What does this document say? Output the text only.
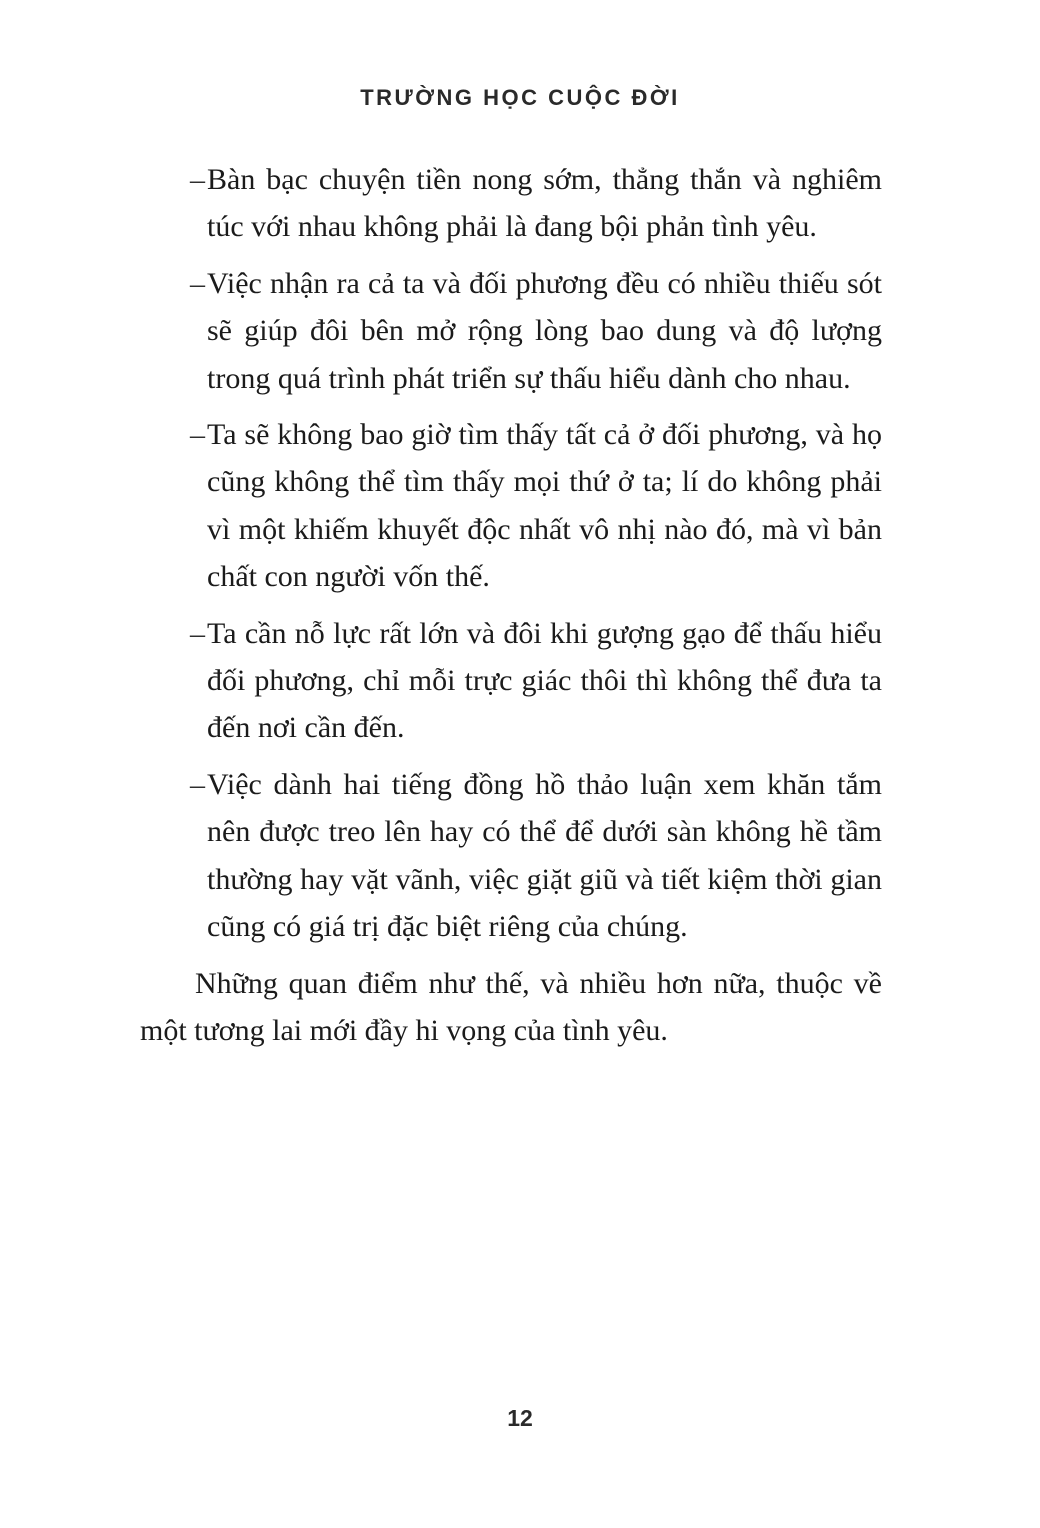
TRƯỜNG HỌC CUỘC ĐỜI
– Bàn bạc chuyện tiền nong sớm, thẳng thắn và nghiêm túc với nhau không phải là đang bội phản tình yêu.
– Việc nhận ra cả ta và đối phương đều có nhiều thiếu sót sẽ giúp đôi bên mở rộng lòng bao dung và độ lượng trong quá trình phát triển sự thấu hiểu dành cho nhau.
– Ta sẽ không bao giờ tìm thấy tất cả ở đối phương, và họ cũng không thể tìm thấy mọi thứ ở ta; lí do không phải vì một khiếm khuyết độc nhất vô nhị nào đó, mà vì bản chất con người vốn thế.
– Ta cần nỗ lực rất lớn và đôi khi gượng gạo để thấu hiểu đối phương, chỉ mỗi trực giác thôi thì không thể đưa ta đến nơi cần đến.
– Việc dành hai tiếng đồng hồ thảo luận xem khăn tắm nên được treo lên hay có thể để dưới sàn không hề tầm thường hay vặt vãnh, việc giặt giũ và tiết kiệm thời gian cũng có giá trị đặc biệt riêng của chúng.

Những quan điểm như thế, và nhiều hơn nữa, thuộc về một tương lai mới đầy hi vọng của tình yêu.

12
